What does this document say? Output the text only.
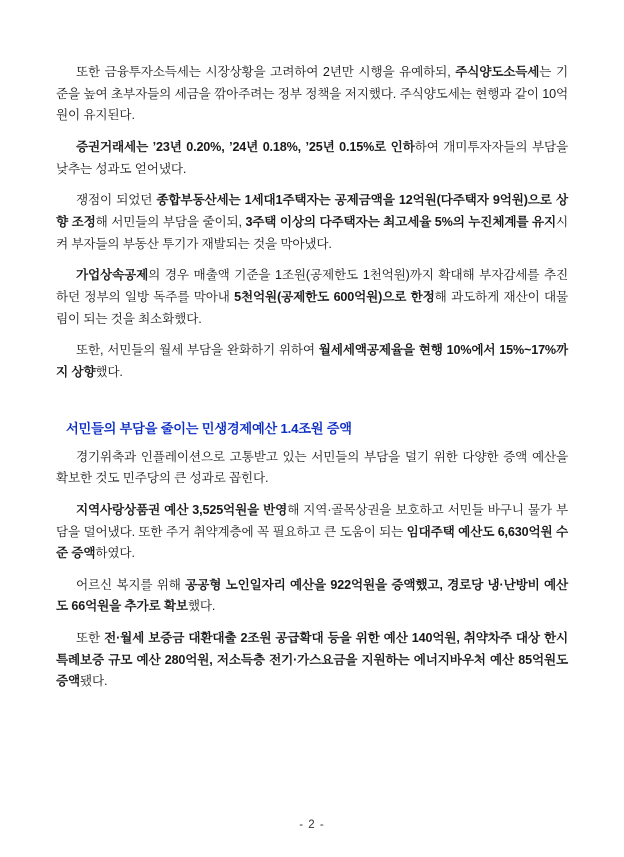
또한 금융투자소득세는 시장상황을 고려하여 2년만 시행을 유예하되, 주식양도소득세는 기준을 높여 초부자들의 세금을 깎아주려는 정부 정책을 저지했다. 주식양도세는 현행과 같이 10억원이 유지된다.

증권거래세는 ’23년 0.20%, ’24년 0.18%, ’25년 0.15%로 인하하여 개미투자자들의 부담을 낮추는 성과도 얻어냈다.

쟁점이 되었던 종합부동산세는 1세대1주택자는 공제금액을 12억원(다주택자 9억원)으로 상향 조정해 서민들의 부담을 줄이되, 3주택 이상의 다주택자는 최고세율 5%의 누진체계를 유지시켜 부자들의 부동산 투기가 재발되는 것을 막아냈다.

가업상속공제의 경우 매출액 기준을 1조원(공제한도 1천억원)까지 확대해 부자감세를 추진하던 정부의 일방 독주를 막아내 5천억원(공제한도 600억원)으로 한정해 과도하게 재산이 대물림이 되는 것을 최소화했다.

또한, 서민들의 월세 부담을 완화하기 위하여 월세세액공제율을 현행 10%에서 15%~17%까지 상향했다.

서민들의 부담을 줄이는 민생경제예산 1.4조원 증액

경기위축과 인플레이션으로 고통받고 있는 서민들의 부담을 덜기 위한 다양한 증액 예산을 확보한 것도 민주당의 큰 성과로 꼽힌다.

지역사랑상품권 예산 3,525억원을 반영해 지역·골목상권을 보호하고 서민들 바구니 물가 부담을 덜어냈다. 또한 주거 취약계층에 꼭 필요하고 큰 도움이 되는 임대주택 예산도 6,630억원 수준 증액하였다.

어르신 복지를 위해 공공형 노인일자리 예산을 922억원을 증액했고, 경로당 냉·난방비 예산도 66억원을 추가로 확보했다.

또한 전·월세 보증금 대환대출 2조원 공급확대 등을 위한 예산 140억원, 취약차주 대상 한시 특례보증 규모 예산 280억원, 저소득층 전기·가스요금을 지원하는 에너지바우처 예산 85억원도 증액됐다.

- 2 -
